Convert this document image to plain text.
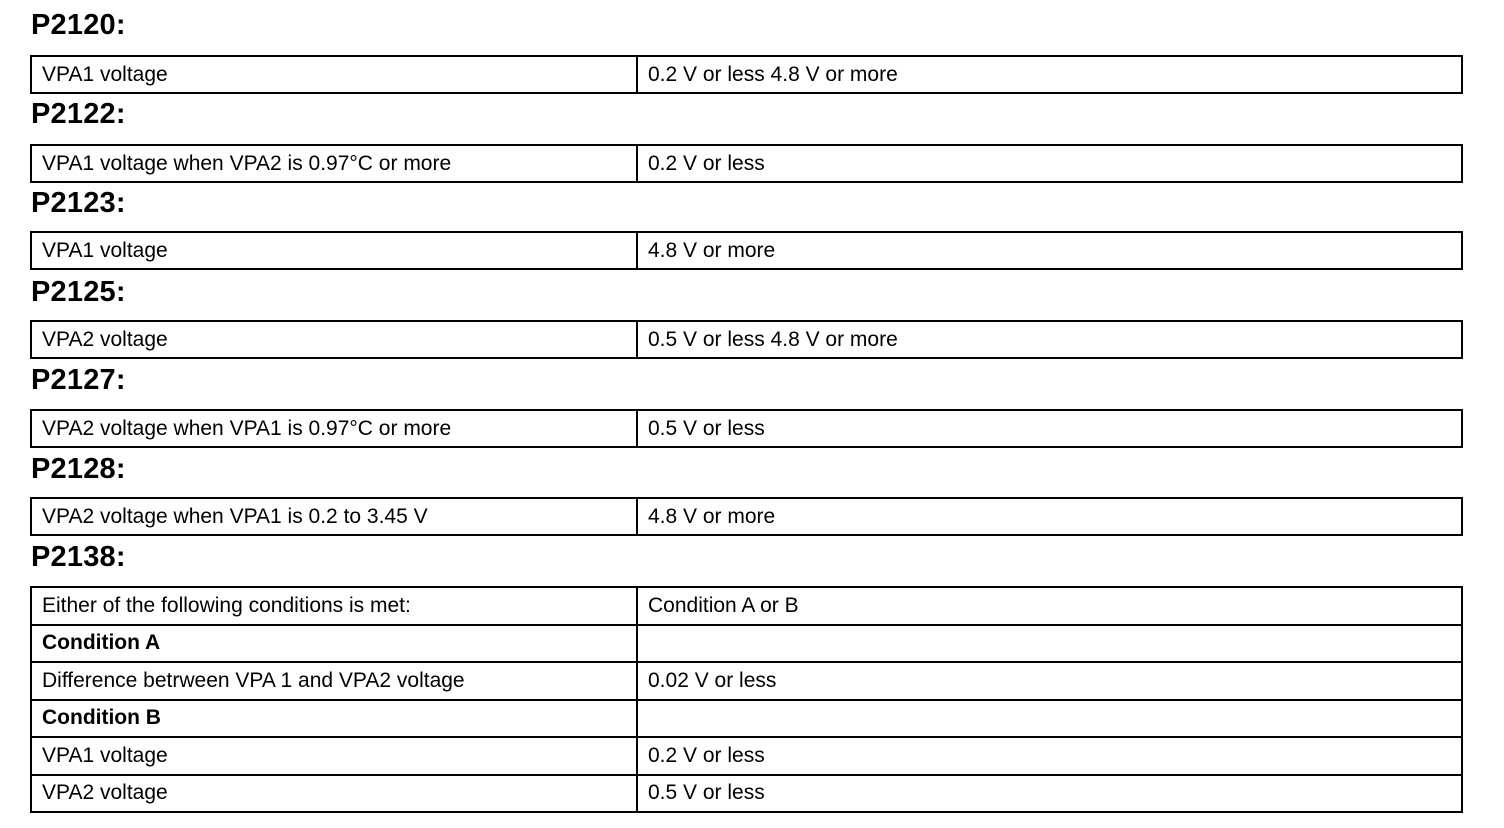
P2120:
VPA1 voltage	0.2 V or less 4.8 V or more
P2122:
VPA1 voltage when VPA2 is 0.97°C or more	0.2 V or less
P2123:
VPA1 voltage	4.8 V or more
P2125:
VPA2 voltage	0.5 V or less 4.8 V or more
P2127:
VPA2 voltage when VPA1 is 0.97°C or more	0.5 V or less
P2128:
VPA2 voltage when VPA1 is 0.2 to 3.45 V	4.8 V or more
P2138:
Either of the following conditions is met:	Condition A or B
Condition A	
Difference betrween VPA 1 and VPA2 voltage	0.02 V or less
Condition B	
VPA1 voltage	0.2 V or less
VPA2 voltage	0.5 V or less
